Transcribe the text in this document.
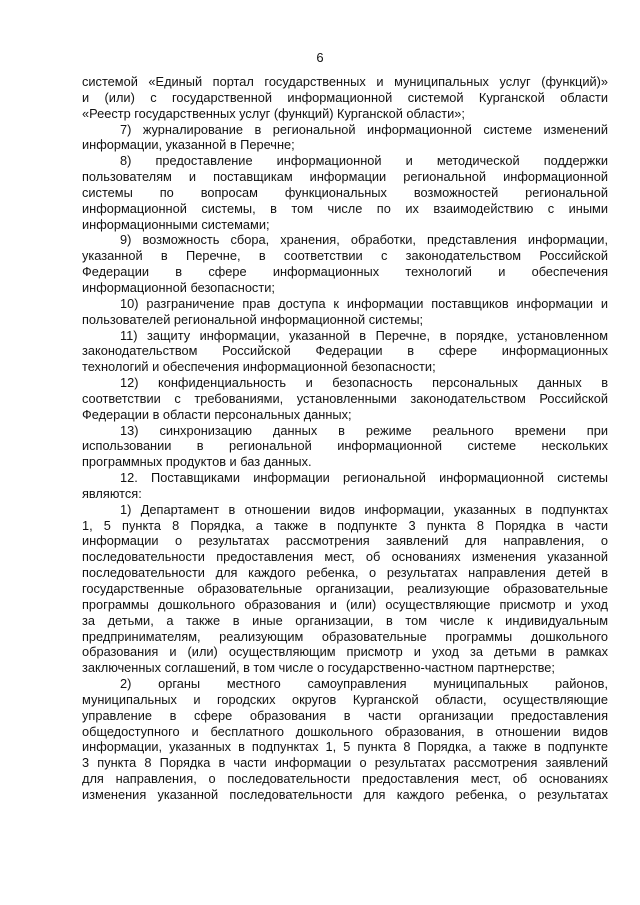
6
системой «Единый портал государственных и муниципальных услуг (функций)»
и (или) с государственной информационной системой Курганской области
«Реестр государственных услуг (функций) Курганской области»;
7) журналирование в региональной информационной системе изменений
информации, указанной в Перечне;
8) предоставление информационной и методической поддержки
пользователям и поставщикам информации региональной информационной
системы по вопросам функциональных возможностей региональной
информационной системы, в том числе по их взаимодействию с иными
информационными системами;
9) возможность сбора, хранения, обработки, представления информации,
указанной в Перечне, в соответствии с законодательством Российской
Федерации в сфере информационных технологий и обеспечения
информационной безопасности;
10) разграничение прав доступа к информации поставщиков информации и
пользователей региональной информационной системы;
11) защиту информации, указанной в Перечне, в порядке, установленном
законодательством Российской Федерации в сфере информационных
технологий и обеспечения информационной безопасности;
12) конфиденциальность и безопасность персональных данных в
соответствии с требованиями, установленными законодательством Российской
Федерации в области персональных данных;
13) синхронизацию данных в режиме реального времени при
использовании в региональной информационной системе нескольких
программных продуктов и баз данных.
12. Поставщиками информации региональной информационной системы
являются:
1) Департамент в отношении видов информации, указанных в подпунктах
1, 5 пункта 8 Порядка, а также в подпункте 3 пункта 8 Порядка в части
информации о результатах рассмотрения заявлений для направления, о
последовательности предоставления мест, об основаниях изменения указанной
последовательности для каждого ребенка, о результатах направления детей в
государственные образовательные организации, реализующие образовательные
программы дошкольного образования и (или) осуществляющие присмотр и уход
за детьми, а также в иные организации, в том числе к индивидуальным
предпринимателям, реализующим образовательные программы дошкольного
образования и (или) осуществляющим присмотр и уход за детьми в рамках
заключенных соглашений, в том числе о государственно-частном партнерстве;
2) органы местного самоуправления муниципальных районов,
муниципальных и городских округов Курганской области, осуществляющие
управление в сфере образования в части организации предоставления
общедоступного и бесплатного дошкольного образования, в отношении видов
информации, указанных в подпунктах 1, 5 пункта 8 Порядка, а также в подпункте
3 пункта 8 Порядка в части информации о результатах рассмотрения заявлений
для направления, о последовательности предоставления мест, об основаниях
изменения указанной последовательности для каждого ребенка, о результатах
